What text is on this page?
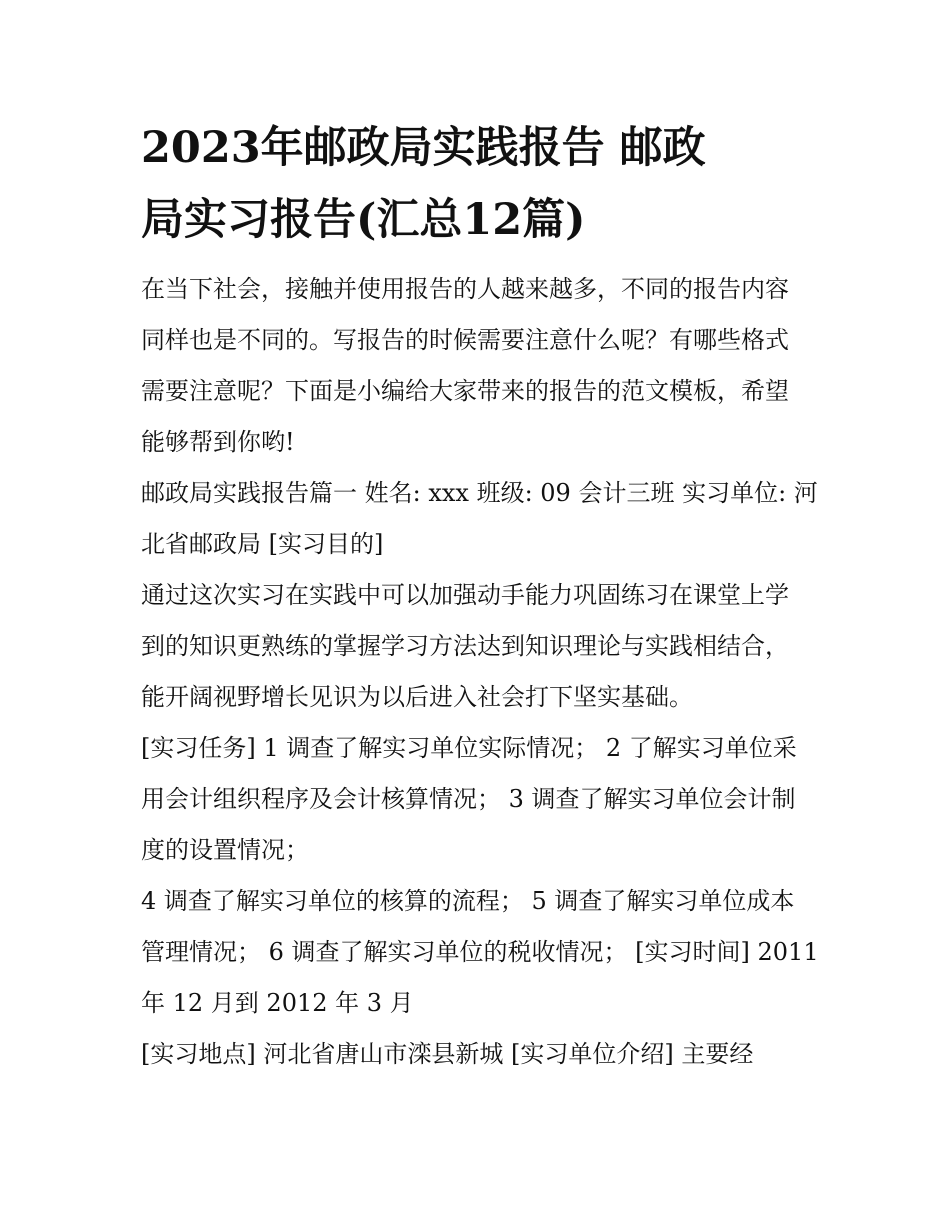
2023年邮政局实践报告 邮政
局实习报告(汇总12篇)

在当下社会，接触并使用报告的人越来越多，不同的报告内容

同样也是不同的。写报告的时候需要注意什么呢？有哪些格式

需要注意呢？下面是小编给大家带来的报告的范文模板，希望

能够帮到你哟!

邮政局实践报告篇一 姓名: xxx 班级: 09 会计三班 实习单位: 河

北省邮政局 [实习目的]

通过这次实习在实践中可以加强动手能力巩固练习在课堂上学

到的知识更熟练的掌握学习方法达到知识理论与实践相结合，

能开阔视野增长见识为以后进入社会打下坚实基础。

[实习任务] 1 调查了解实习单位实际情况； 2 了解实习单位采

用会计组织程序及会计核算情况； 3 调查了解实习单位会计制

度的设置情况；

4 调查了解实习单位的核算的流程； 5 调查了解实习单位成本

管理情况； 6 调查了解实习单位的税收情况； [实习时间] 2011

年 12 月到 2012 年 3 月

[实习地点] 河北省唐山市滦县新城 [实习单位介绍] 主要经
